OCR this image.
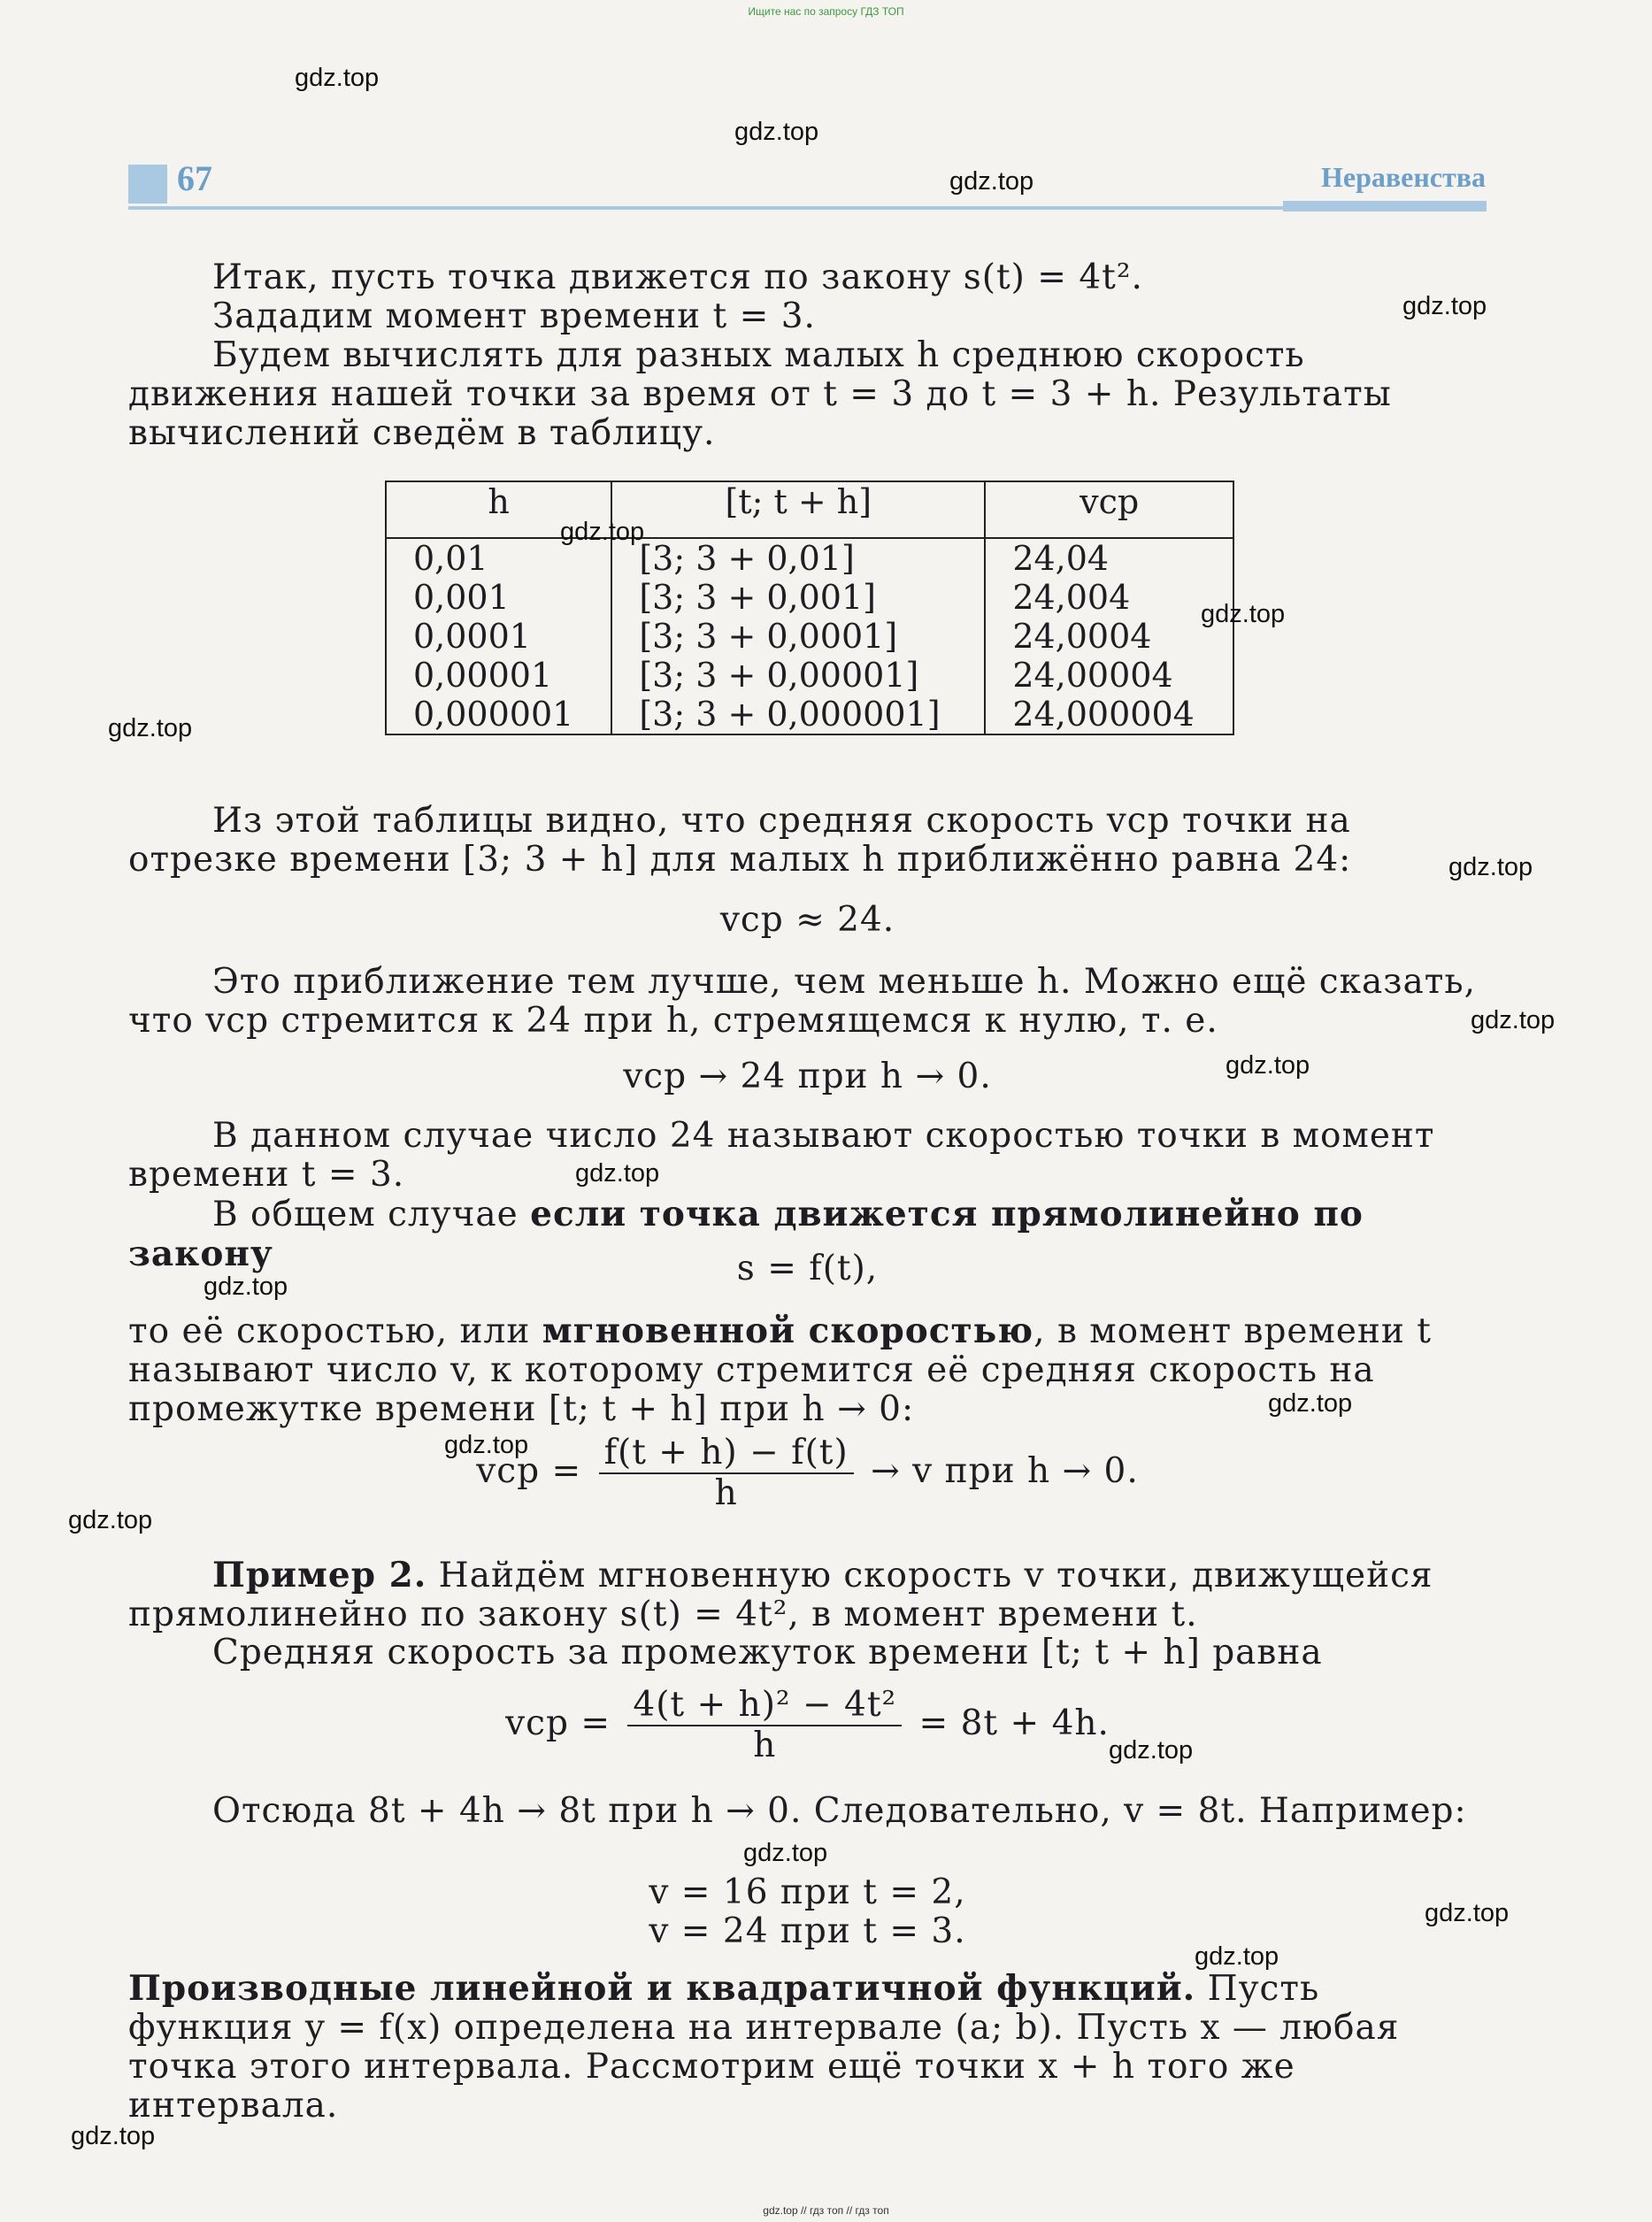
Ищите нас по запросу ГДЗ ТОП
67	Неравенства
Итак, пусть точка движется по закону s(t) = 4t².
Зададим момент времени t = 3.
Будем вычислять для разных малых h среднюю скорость движения нашей точки за время от t = 3 до t = 3 + h. Результаты вычислений сведём в таблицу.
h	[t; t + h]	vср
0,01	[3; 3 + 0,01]	24,04
0,001	[3; 3 + 0,001]	24,004
0,0001	[3; 3 + 0,0001]	24,0004
0,00001	[3; 3 + 0,00001]	24,00004
0,000001	[3; 3 + 0,000001]	24,000004
Из этой таблицы видно, что средняя скорость vср точки на отрезке времени [3; 3 + h] для малых h приближённо равна 24:
vср ≈ 24.
Это приближение тем лучше, чем меньше h. Можно ещё сказать, что vср стремится к 24 при h, стремящемся к нулю, т. е.
vср → 24 при h → 0.
В данном случае число 24 называют скоростью точки в момент времени t = 3.
В общем случае если точка движется прямолинейно по закону	s = f(t),
то её скоростью, или мгновенной скоростью, в момент времени t называют число v, к которому стремится её средняя скорость на промежутке времени [t; t + h] при h → 0:
vср = $\frac{f(t + h) - f(t)}{h} \to v$ при h → 0.
Пример 2. Найдём мгновенную скорость v точки, движущейся прямолинейно по закону s(t) = 4t², в момент времени t.
Средняя скорость за промежуток времени [t; t + h] равна
vср = $\frac{\text{4(t + h)² − 4t²}}{h} = 8t + 4h$.
Отсюда 8t + 4h → 8t при h → 0. Следовательно, v = 8t. Например:
v = 16 при t = 2,
v = 24 при t = 3.
Производные линейной и квадратичной функций. Пусть функция y = f(x) определена на интервале (a; b). Пусть x — любая точка этого интервала. Рассмотрим ещё точки x + h того же интервала.
gdz.top
gdz.top
gdz.top
gdz.top
gdz.top
gdz.top
gdz.top
gdz.top
gdz.top
gdz.top
gdz.top
gdz.top
gdz.top
gdz.top
gdz.top
gdz.top
gdz.top
gdz.top
gdz.top
gdz.top
gdz.top // гдз топ // гдз топ
